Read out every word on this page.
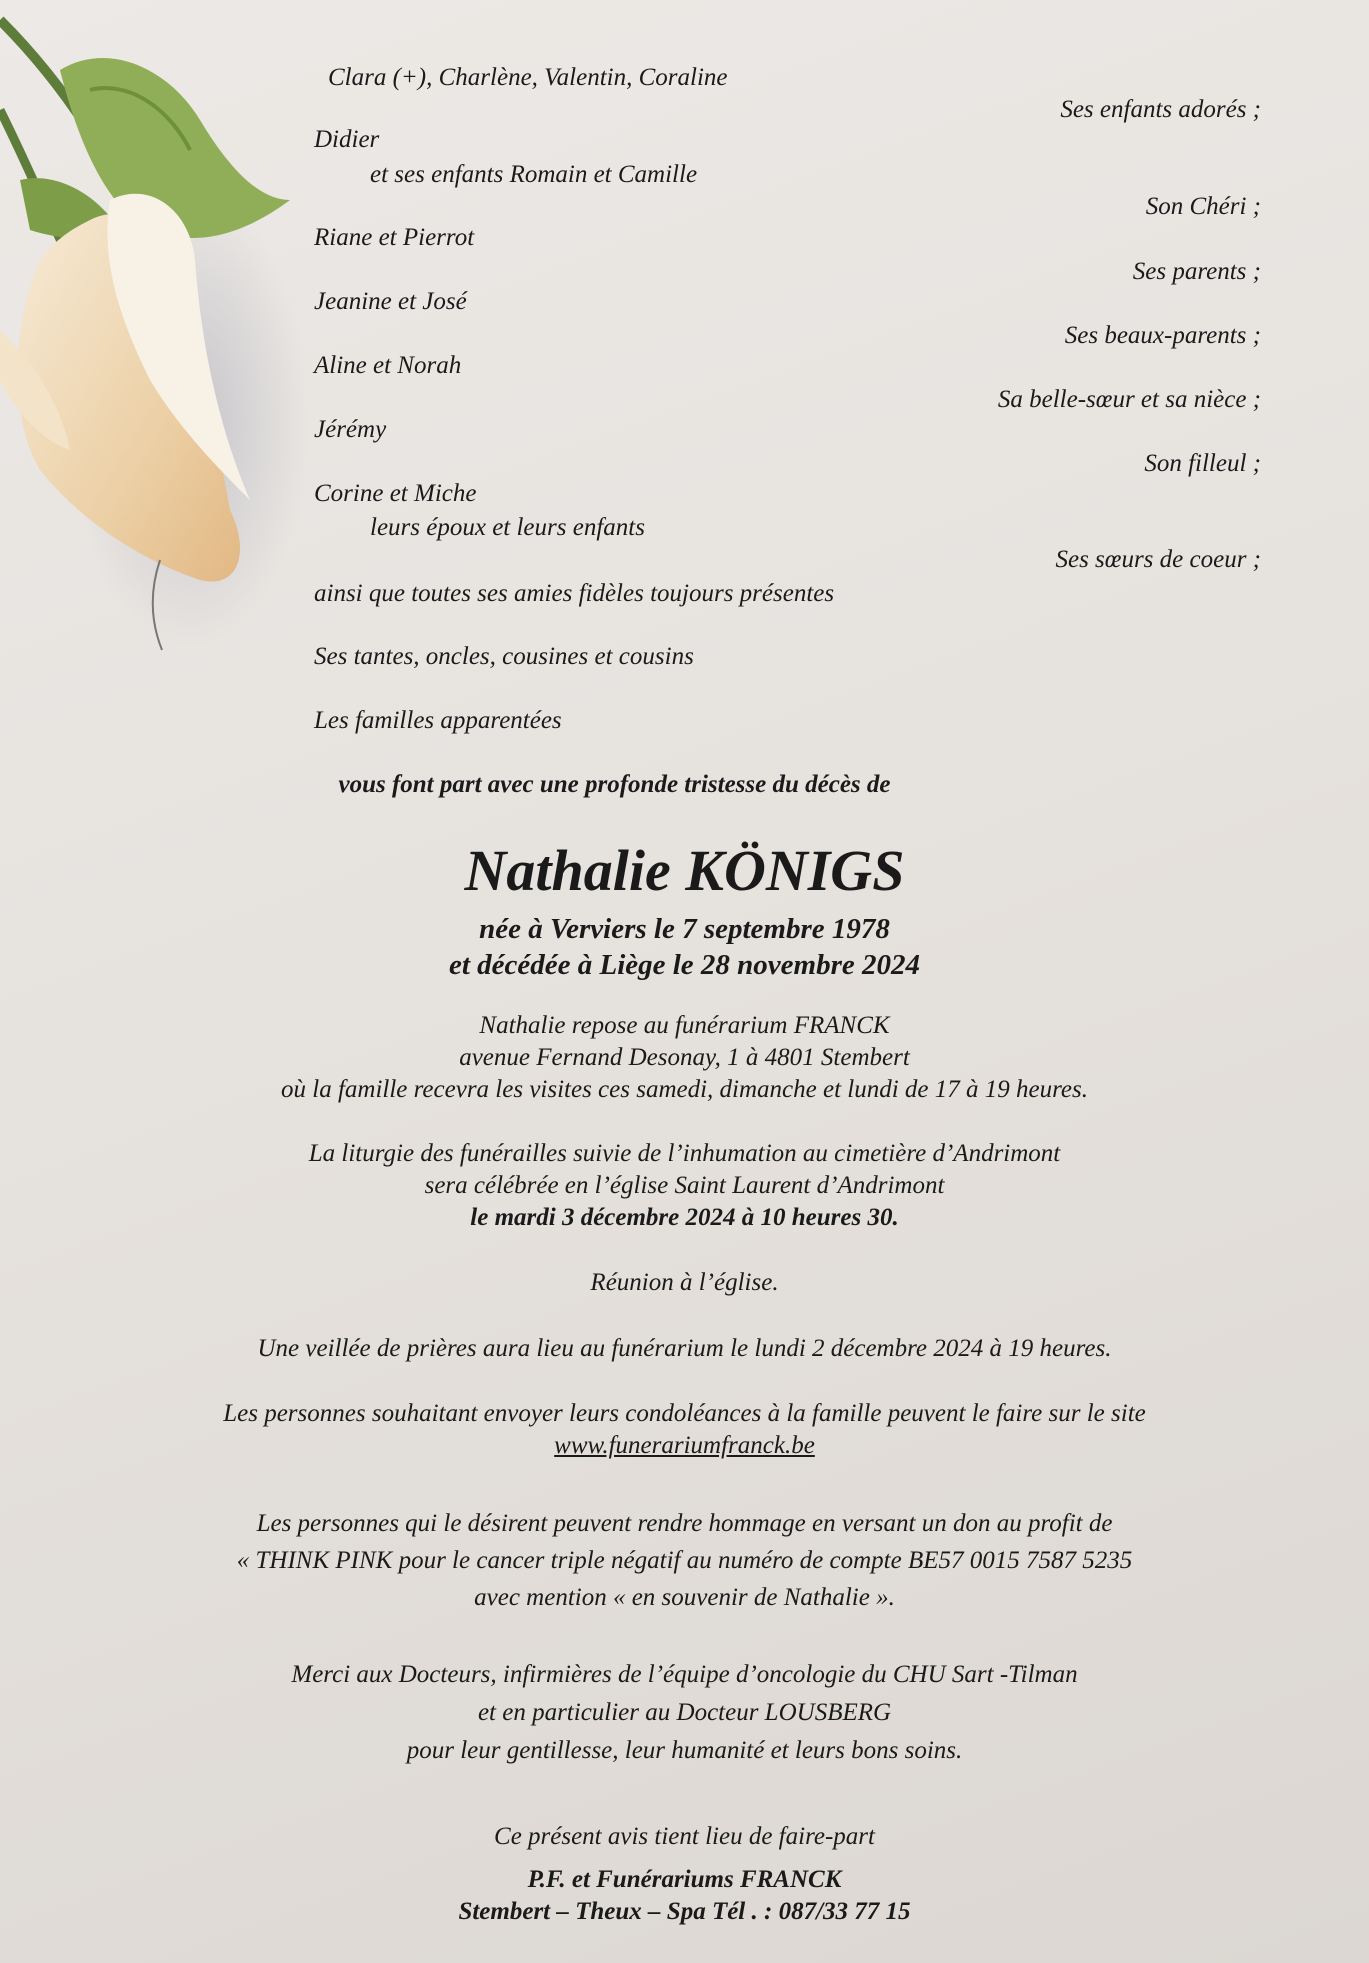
Clara (+), Charlène, Valentin, Coraline
Ses enfants adorés ;
Didier
et ses enfants Romain et Camille
Son Chéri ;
Riane et Pierrot
Ses parents ;
Jeanine et José
Ses beaux-parents ;
Aline et Norah
Sa belle-sœur et sa nièce ;
Jérémy
Son filleul ;
Corine et Miche
leurs époux et leurs enfants
Ses sœurs de coeur ;
ainsi que toutes ses amies fidèles toujours présentes
Ses tantes, oncles, cousines et cousins
Les familles apparentées
vous font part avec une profonde tristesse du décès de
Nathalie KÖNIGS
née à Verviers le 7 septembre 1978
et décédée à Liège le 28 novembre 2024
Nathalie repose au funérarium FRANCK
avenue Fernand Desonay, 1 à 4801 Stembert
où la famille recevra les visites ces samedi, dimanche et lundi de 17 à 19 heures.
La liturgie des funérailles suivie de l’inhumation au cimetière d’Andrimont
sera célébrée en l’église Saint Laurent d’Andrimont
le mardi 3 décembre 2024 à 10 heures 30.
Réunion à l’église.
Une veillée de prières aura lieu au funérarium le lundi 2 décembre 2024 à 19 heures.
Les personnes souhaitant envoyer leurs condoléances à la famille peuvent le faire sur le site
www.funerariumfranck.be
Les personnes qui le désirent peuvent rendre hommage en versant un don au profit de
« THINK PINK pour le cancer triple négatif au numéro de compte BE57 0015 7587 5235
avec mention « en souvenir de Nathalie ».
Merci aux Docteurs, infirmières de l’équipe d’oncologie du CHU Sart -Tilman
et en particulier au Docteur LOUSBERG
pour leur gentillesse, leur humanité et leurs bons soins.
Ce présent avis tient lieu de faire-part
P.F. et Funérariums FRANCK
Stembert – Theux – Spa Tél . : 087/33 77 15
